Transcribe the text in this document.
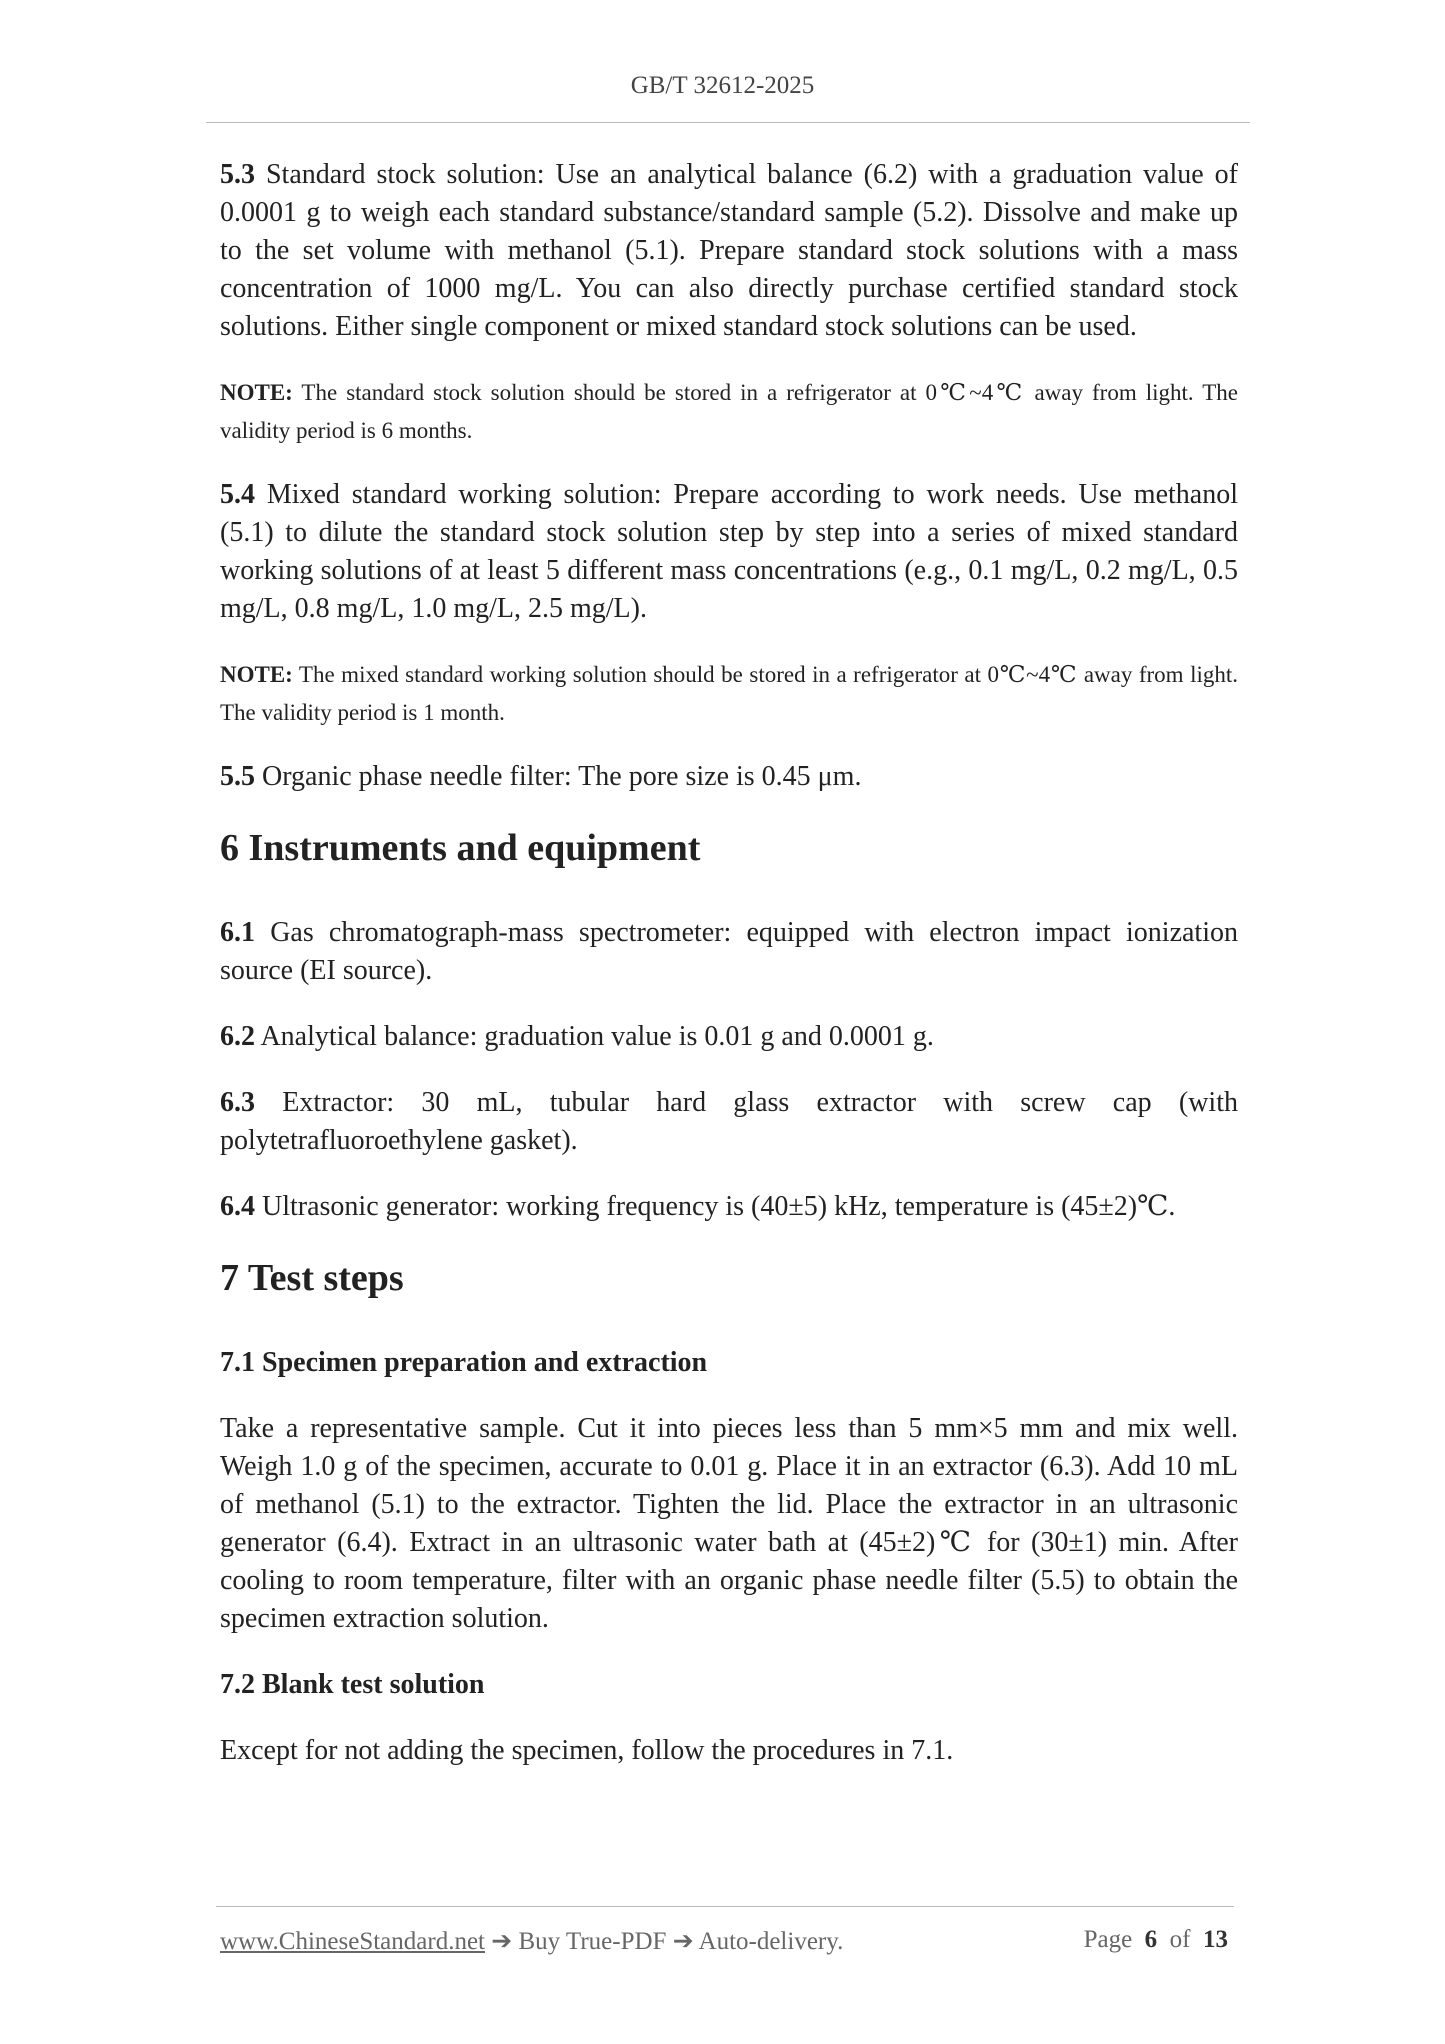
GB/T 32612-2025

5.3 Standard stock solution: Use an analytical balance (6.2) with a graduation value of 0.0001 g to weigh each standard substance/standard sample (5.2). Dissolve and make up to the set volume with methanol (5.1). Prepare standard stock solutions with a mass concentration of 1000 mg/L. You can also directly purchase certified standard stock solutions. Either single component or mixed standard stock solutions can be used.

NOTE: The standard stock solution should be stored in a refrigerator at 0℃~4℃ away from light. The validity period is 6 months.

5.4 Mixed standard working solution: Prepare according to work needs. Use methanol (5.1) to dilute the standard stock solution step by step into a series of mixed standard working solutions of at least 5 different mass concentrations (e.g., 0.1 mg/L, 0.2 mg/L, 0.5 mg/L, 0.8 mg/L, 1.0 mg/L, 2.5 mg/L).

NOTE: The mixed standard working solution should be stored in a refrigerator at 0℃~4℃ away from light. The validity period is 1 month.

5.5 Organic phase needle filter: The pore size is 0.45 μm.

6 Instruments and equipment

6.1 Gas chromatograph-mass spectrometer: equipped with electron impact ionization source (EI source).

6.2 Analytical balance: graduation value is 0.01 g and 0.0001 g.

6.3 Extractor: 30 mL, tubular hard glass extractor with screw cap (with polytetrafluoroethylene gasket).

6.4 Ultrasonic generator: working frequency is (40±5) kHz, temperature is (45±2)℃.

7 Test steps

7.1 Specimen preparation and extraction

Take a representative sample. Cut it into pieces less than 5 mm×5 mm and mix well. Weigh 1.0 g of the specimen, accurate to 0.01 g. Place it in an extractor (6.3). Add 10 mL of methanol (5.1) to the extractor. Tighten the lid. Place the extractor in an ultrasonic generator (6.4). Extract in an ultrasonic water bath at (45±2)℃ for (30±1) min. After cooling to room temperature, filter with an organic phase needle filter (5.5) to obtain the specimen extraction solution.

7.2 Blank test solution

Except for not adding the specimen, follow the procedures in 7.1.

www.ChineseStandard.net ➔ Buy True-PDF ➔ Auto-delivery.	Page 6 of 13
